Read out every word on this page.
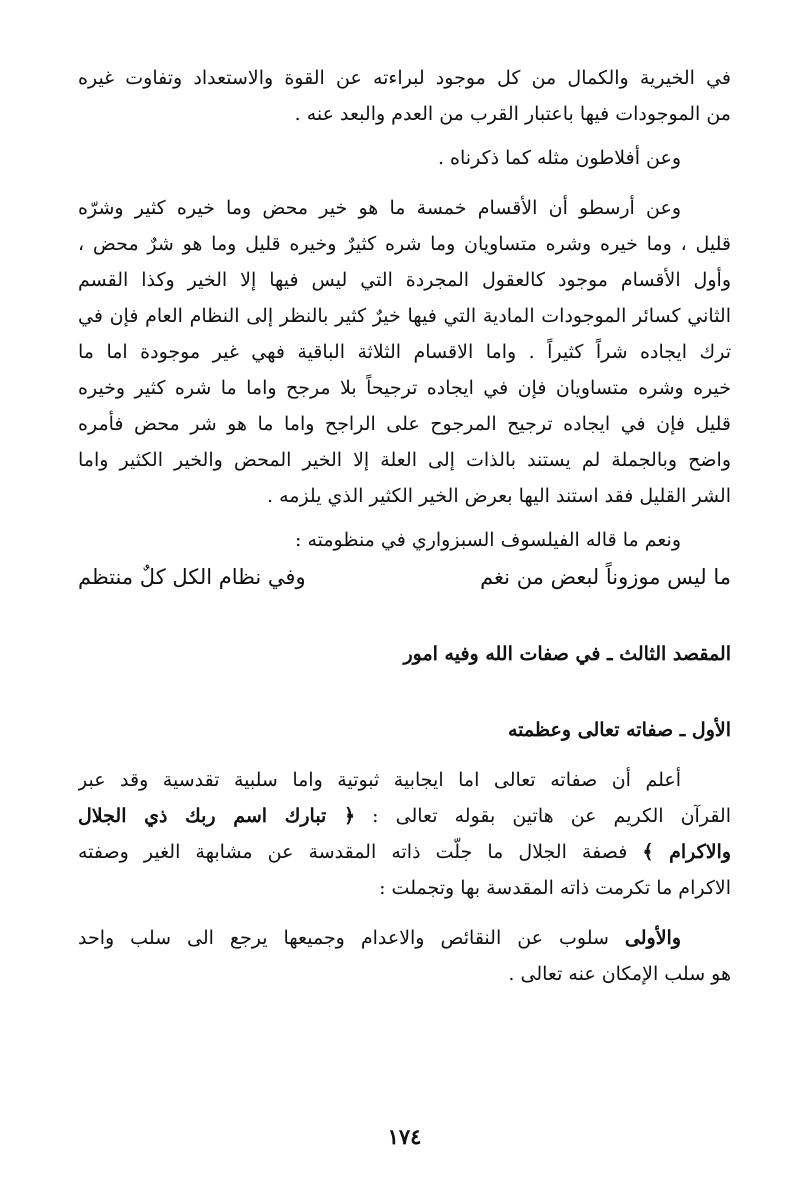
في الخيرية والكمال من كل موجود لبراءته عن القوة والاستعداد وتفاوت غيره
من الموجودات فيها باعتبار القرب من العدم والبعد عنه .
وعن أفلاطون مثله كما ذكرناه .
وعن أرسطو أن الأقسام خمسة ما هو خير محض وما خيره كثير وشرّه
قليل ، وما خيره وشره متساويان وما شره كثيرٌ وخيره قليل وما هو شرٌ محض ،
وأول الأقسام موجود كالعقول المجردة التي ليس فيها إلا الخير وكذا القسم
الثاني كسائر الموجودات المادية التي فيها خيرٌ كثير بالنظر إلى النظام العام فإن في
ترك ايجاده شراً كثيراً . واما الاقسام الثلاثة الباقية فهي غير موجودة اما ما
خيره وشره متساويان فإن في ايجاده ترجيحاً بلا مرجح واما ما شره كثير وخيره
قليل فإن في ايجاده ترجيح المرجوح على الراجح واما ما هو شر محض فأمره
واضح وبالجملة لم يستند بالذات إلى العلة إلا الخير المحض والخير الكثير واما
الشر القليل فقد استند اليها بعرض الخير الكثير الذي يلزمه .
ونعم ما قاله الفيلسوف السبزواري في منظومته :
ما ليس موزوناً لبعض من نغم
وفي نظام الكل كلٌ منتظم
المقصد الثالث ـ في صفات الله وفيه امور
الأول ـ صفاته تعالى وعظمته
أعلم أن صفاته تعالى اما ايجابية ثبوتية واما سلبية تقدسية وقد عبر
القرآن الكريم عن هاتين بقوله تعالى : ﴿ تبارك اسم ربك ذي الجلال
والاكرام ﴾ فصفة الجلال ما جلّت ذاته المقدسة عن مشابهة الغير وصفته
الاكرام ما تكرمت ذاته المقدسة بها وتجملت :
والأولى سلوب عن النقائص والاعدام وجميعها يرجع الى سلب واحد
هو سلب الإمكان عنه تعالى .
١٧٤
